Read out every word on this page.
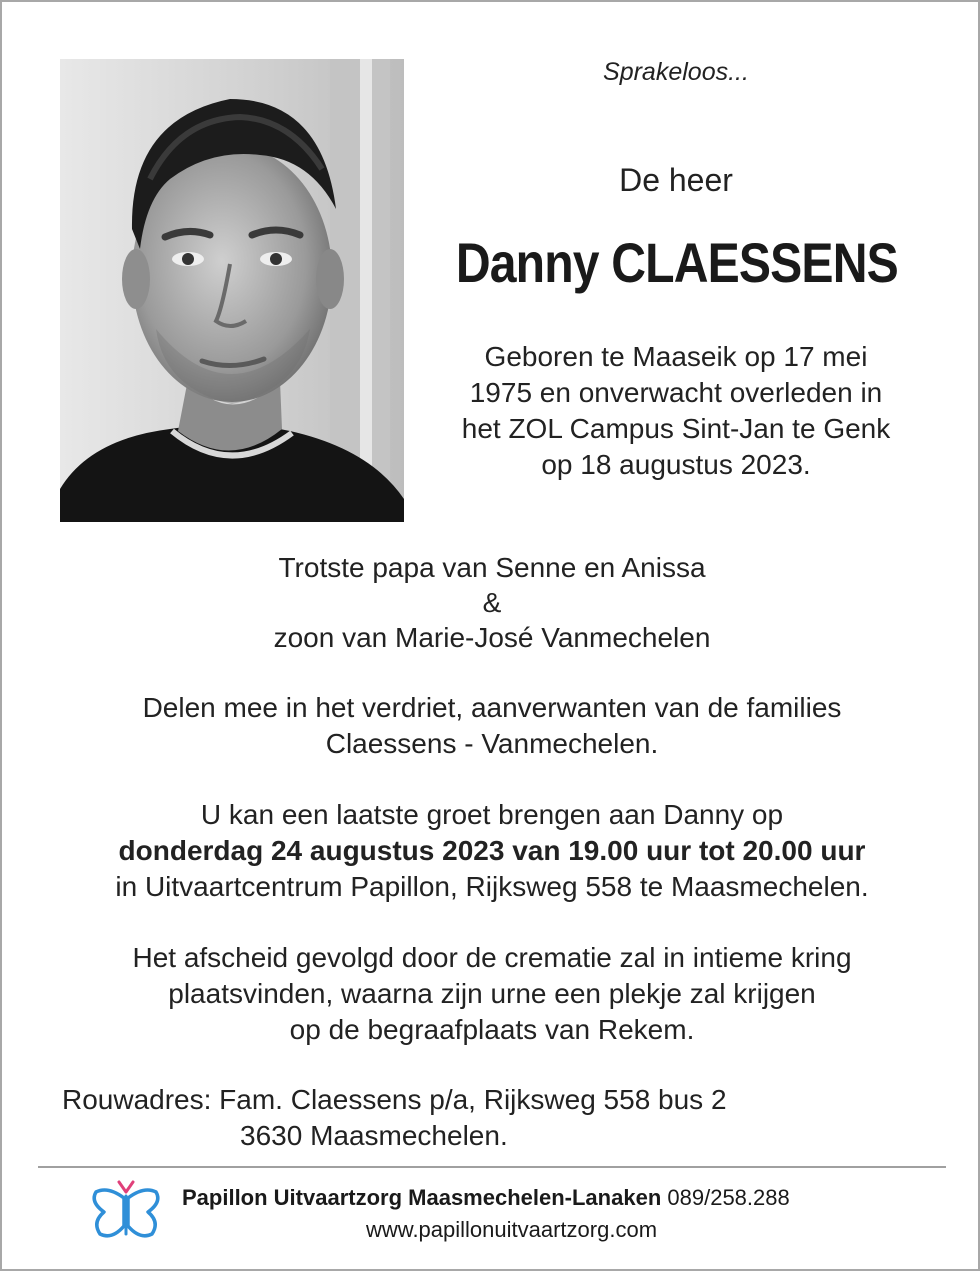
Sprakeloos...
De heer
Danny CLAESSENS
Geboren te Maaseik op 17 mei
1975 en onverwacht overleden in
het ZOL Campus Sint-Jan te Genk
op 18 augustus 2023.
Trotste papa van Senne en Anissa
&
zoon van Marie-José Vanmechelen
Delen mee in het verdriet, aanverwanten van de families
Claessens - Vanmechelen.
U kan een laatste groet brengen aan Danny op
donderdag 24 augustus 2023 van 19.00 uur tot 20.00 uur
in Uitvaartcentrum Papillon, Rijksweg 558 te Maasmechelen.
Het afscheid gevolgd door de crematie zal in intieme kring
plaatsvinden, waarna zijn urne een plekje zal krijgen
op de begraafplaats van Rekem.
Rouwadres: Fam. Claessens p/a, Rijksweg 558 bus 2
3630 Maasmechelen.
Papillon Uitvaartzorg Maasmechelen-Lanaken 089/258.288
www.papillonuitvaartzorg.com
